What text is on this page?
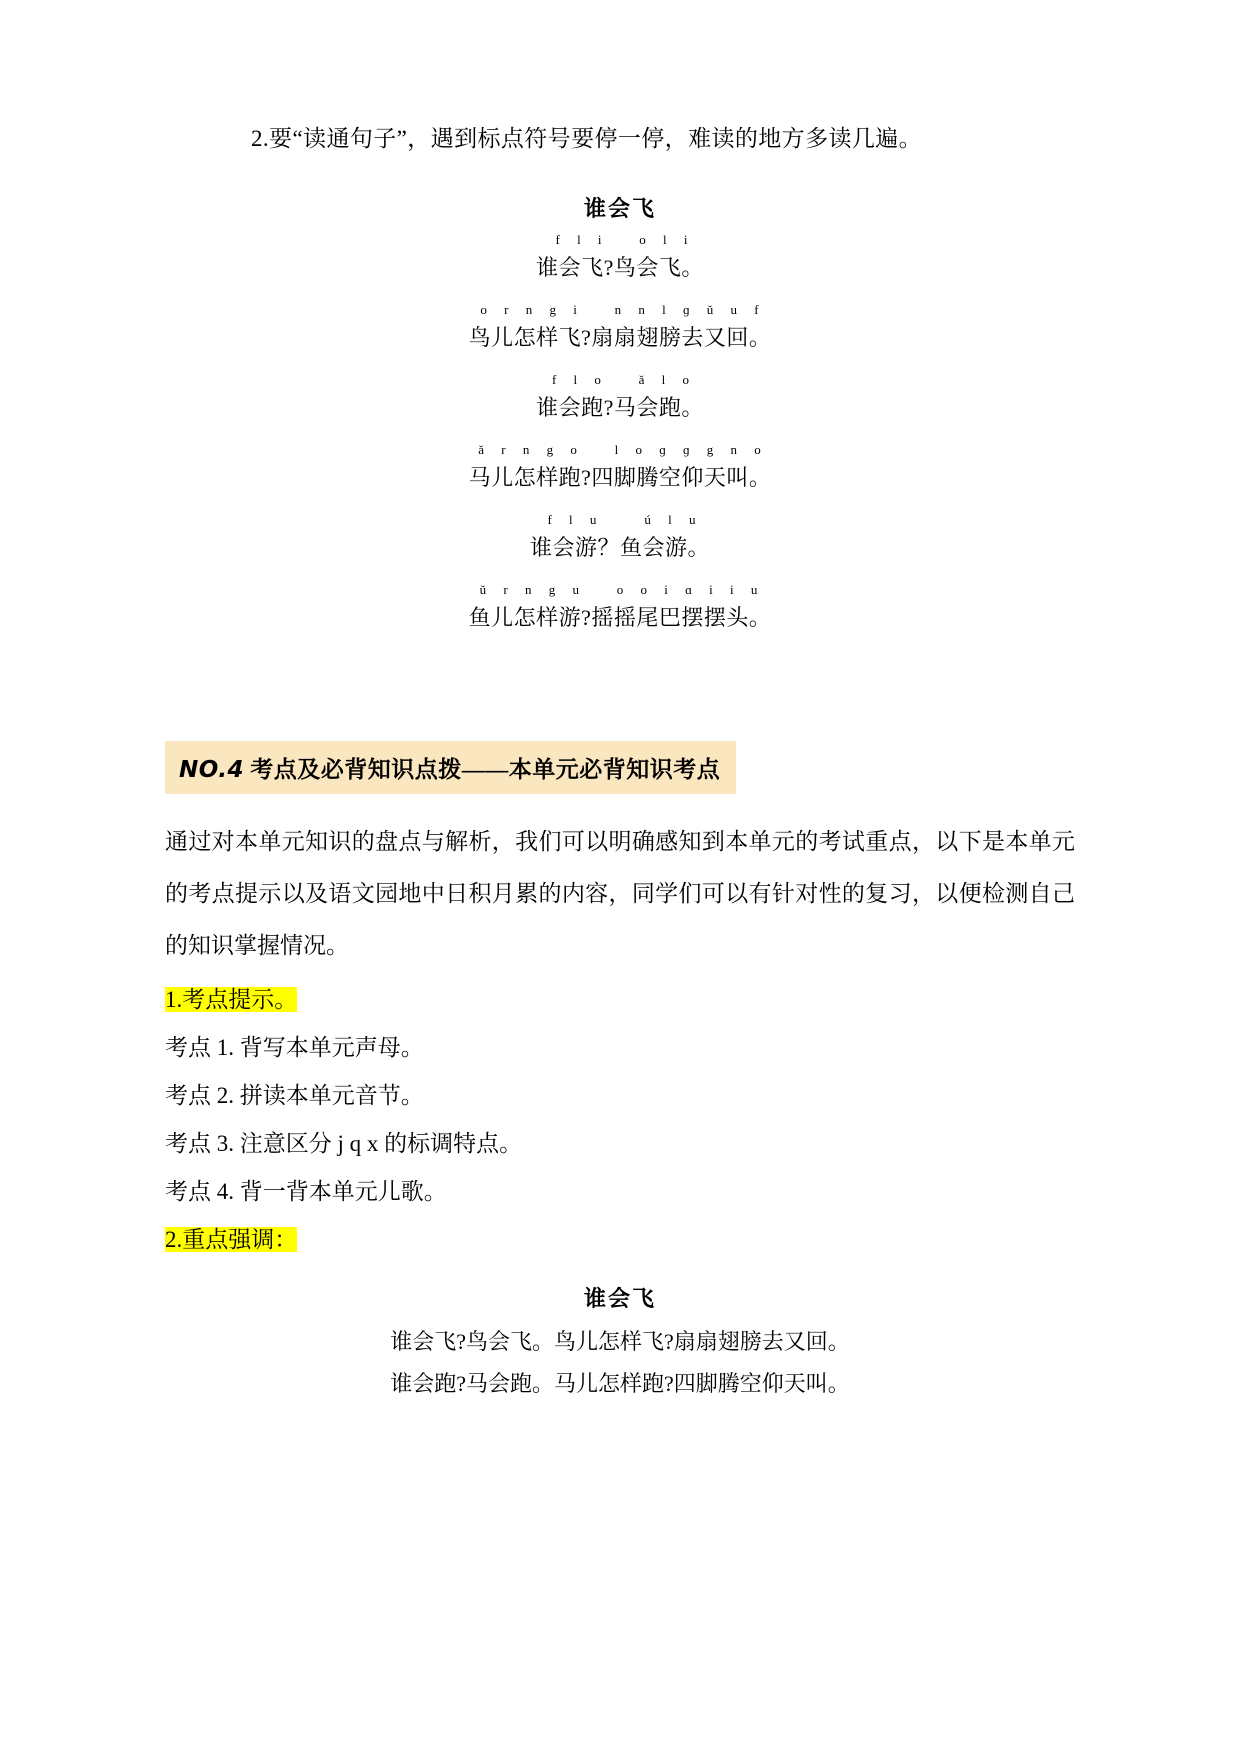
2.要“读通句子”，遇到标点符号要停一停，难读的地方多读几遍。

谁会飞
f l i   o l i
谁会飞?鸟会飞。
o r n g i   n n l ɡ ǔ u f
鸟儿怎样飞?扇扇翅膀去又回。
f l o   ǎ l o
谁会跑?马会跑。
ǎ r n g o   l o ɡ ɡ g n o
马儿怎样跑?四脚腾空仰天叫。
f l u    ú l u
谁会游？鱼会游。
ǔ r n g u   o o i ɑ i i u
鱼儿怎样游?摇摇尾巴摆摆头。
NO.4 考点及必背知识点拨——本单元必背知识考点

通过对本单元知识的盘点与解析，我们可以明确感知到本单元的考试重点，以下是本单元的考点提示以及语文园地中日积月累的内容，同学们可以有针对性的复习，以便检测自己的知识掌握情况。

1.考点提示。

考点 1. 背写本单元声母。

考点 2. 拼读本单元音节。

考点 3. 注意区分 j q x 的标调特点。

考点 4. 背一背本单元儿歌。

2.重点强调：

谁会飞

谁会飞?鸟会飞。鸟儿怎样飞?扇扇翅膀去又回。

谁会跑?马会跑。马儿怎样跑?四脚腾空仰天叫。
